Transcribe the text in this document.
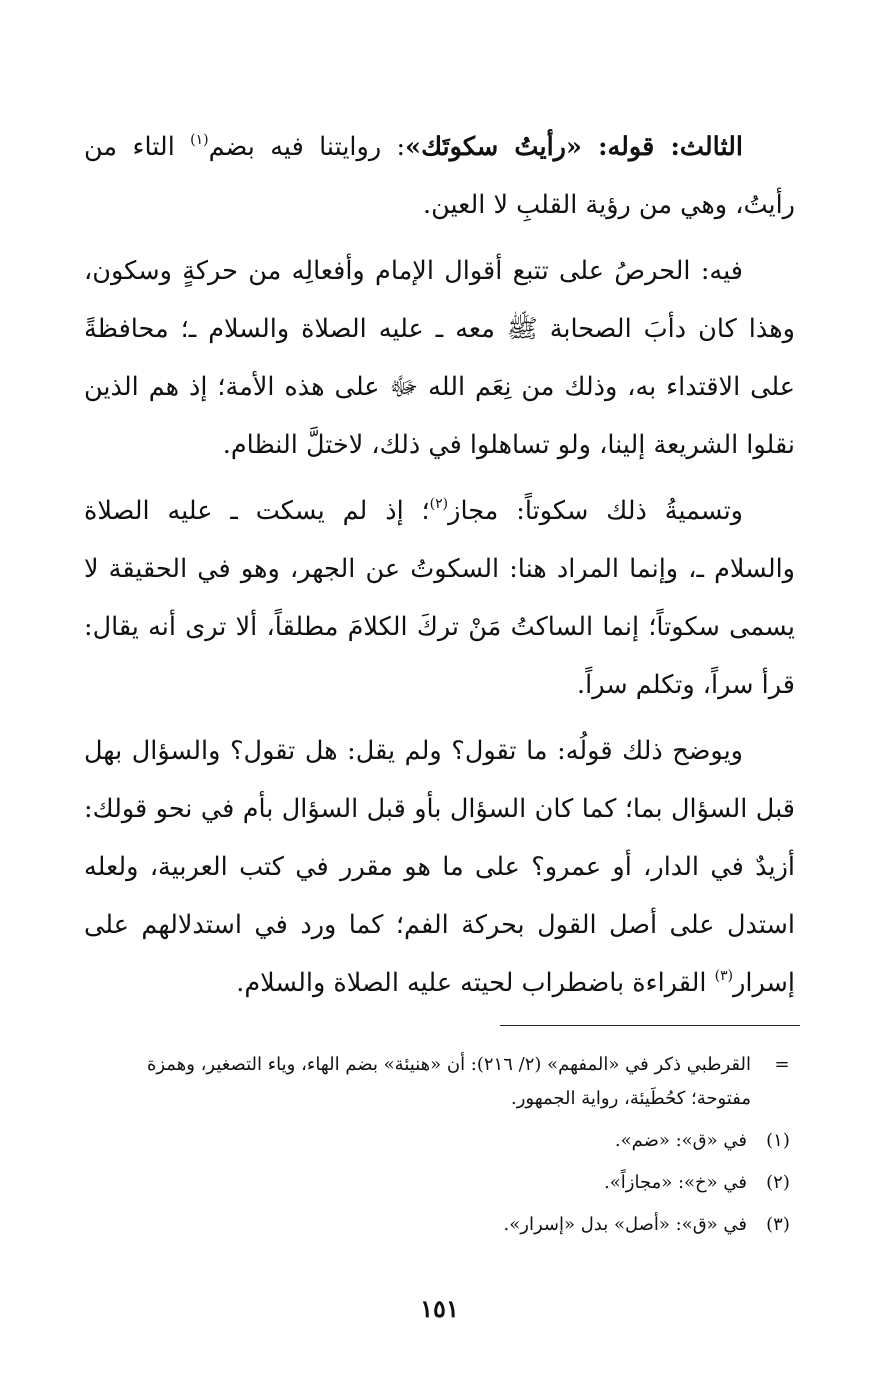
الثالث: قوله: «رأيتُ سكوتَك»: روايتنا فيه بضم$^{(١)}$ التاء من رأيتُ، وهي من رؤية القلبِ لا العين.

فيه: الحرصُ على تتبع أقوال الإمام وأفعالِه من حركةٍ وسكون، وهذا كان دأبَ الصحابة ﷺ معه ـ عليه الصلاة والسلام ـ؛ محافظةً على الاقتداء به، وذلك من نِعَم الله ﷻ على هذه الأمة؛ إذ هم الذين نقلوا الشريعة إلينا، ولو تساهلوا في ذلك، لاختلَّ النظام.

وتسميةُ ذلك سكوتاً: مجاز$^{(٢)}$؛ إذ لم يسكت ـ عليه الصلاة والسلام ـ، وإنما المراد هنا: السكوتُ عن الجهر، وهو في الحقيقة لا يسمى سكوتاً؛ إنما الساكتُ مَنْ تركَ الكلامَ مطلقاً، ألا ترى أنه يقال: قرأ سراً، وتكلم سراً.

ويوضح ذلك قولُه: ما تقول؟ ولم يقل: هل تقول؟ والسؤال بهل قبل السؤال بما؛ كما كان السؤال بأو قبل السؤال بأم في نحو قولك: أزيدٌ في الدار، أو عمرو؟ على ما هو مقرر في كتب العربية، ولعله استدل على أصل القول بحركة الفم؛ كما ورد في استدلالهم على إسرار$^{(٣)}$ القراءة باضطراب لحيته عليه الصلاة والسلام.

=
القرطبي ذكر في «المفهم» (٢/ ٢١٦): أن «هنيئة» بضم الهاء، وياء التصغير، وهمزة مفتوحة؛ كحُطَيئة، رواية الجمهور.
(١)
في «ق»: «ضم».
(٢)
في «خ»: «مجازاً».
(٣)
في «ق»: «أصل» بدل «إسرار».
١٥١
